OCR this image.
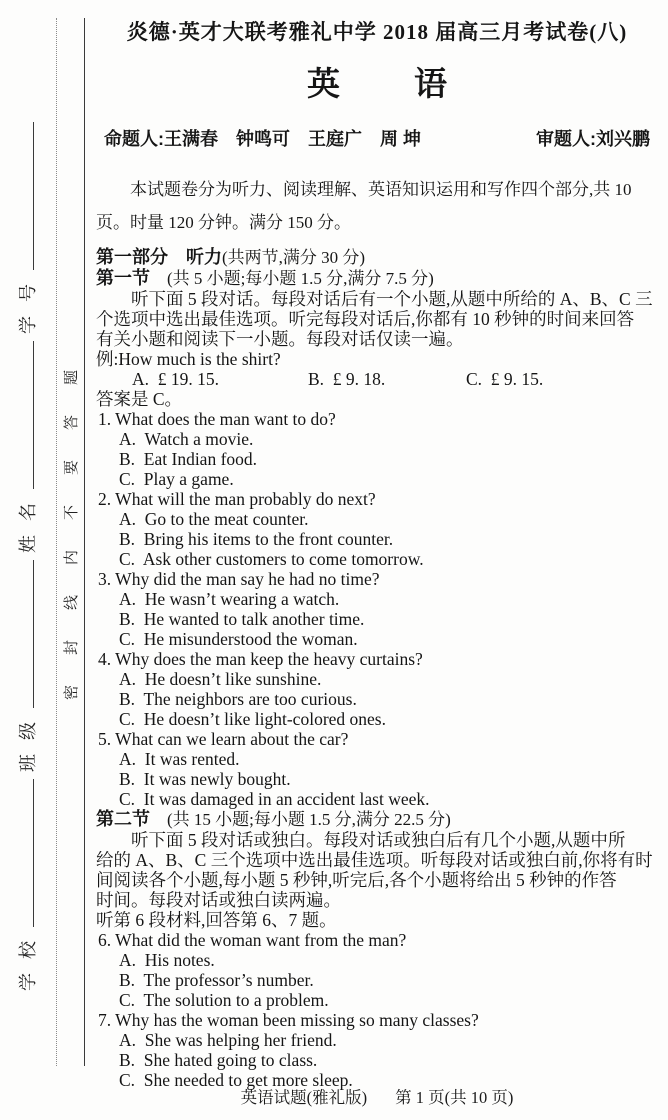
学校 班级 姓名 学号
密封线内不要答题
炎德·英才大联考雅礼中学 2018 届高三月考试卷(八)
英 语
命题人:王满春　钟鸣可　王庭广　周 坤	审题人:刘兴鹏
本试题卷分为听力、阅读理解、英语知识运用和写作四个部分,共 10
页。时量 120 分钟。满分 150 分。
第一部分　听力(共两节,满分 30 分)
第一节　(共 5 小题;每小题 1.5 分,满分 7.5 分)
听下面 5 段对话。每段对话后有一个小题,从题中所给的 A、B、C 三
个选项中选出最佳选项。听完每段对话后,你都有 10 秒钟的时间来回答
有关小题和阅读下一小题。每段对话仅读一遍。
例:How much is the shirt?
A.  £ 19. 15.	B.  £ 9. 18.	C.  £ 9. 15.
答案是 C。
1. What does the man want to do?
A.  Watch a movie.
B.  Eat Indian food.
C.  Play a game.
2. What will the man probably do next?
A.  Go to the meat counter.
B.  Bring his items to the front counter.
C.  Ask other customers to come tomorrow.
3. Why did the man say he had no time?
A.  He wasn’t wearing a watch.
B.  He wanted to talk another time.
C.  He misunderstood the woman.
4. Why does the man keep the heavy curtains?
A.  He doesn’t like sunshine.
B.  The neighbors are too curious.
C.  He doesn’t like light-colored ones.
5. What can we learn about the car?
A.  It was rented.
B.  It was newly bought.
C.  It was damaged in an accident last week.
第二节　(共 15 小题;每小题 1.5 分,满分 22.5 分)
听下面 5 段对话或独白。每段对话或独白后有几个小题,从题中所
给的 A、B、C 三个选项中选出最佳选项。听每段对话或独白前,你将有时
间阅读各个小题,每小题 5 秒钟,听完后,各个小题将给出 5 秒钟的作答
时间。每段对话或独白读两遍。
听第 6 段材料,回答第 6、7 题。
6. What did the woman want from the man?
A.  His notes.
B.  The professor’s number.
C.  The solution to a problem.
7. Why has the woman been missing so many classes?
A.  She was helping her friend.
B.  She hated going to class.
C.  She needed to get more sleep.
英语试题(雅礼版) 第 1 页(共 10 页)
